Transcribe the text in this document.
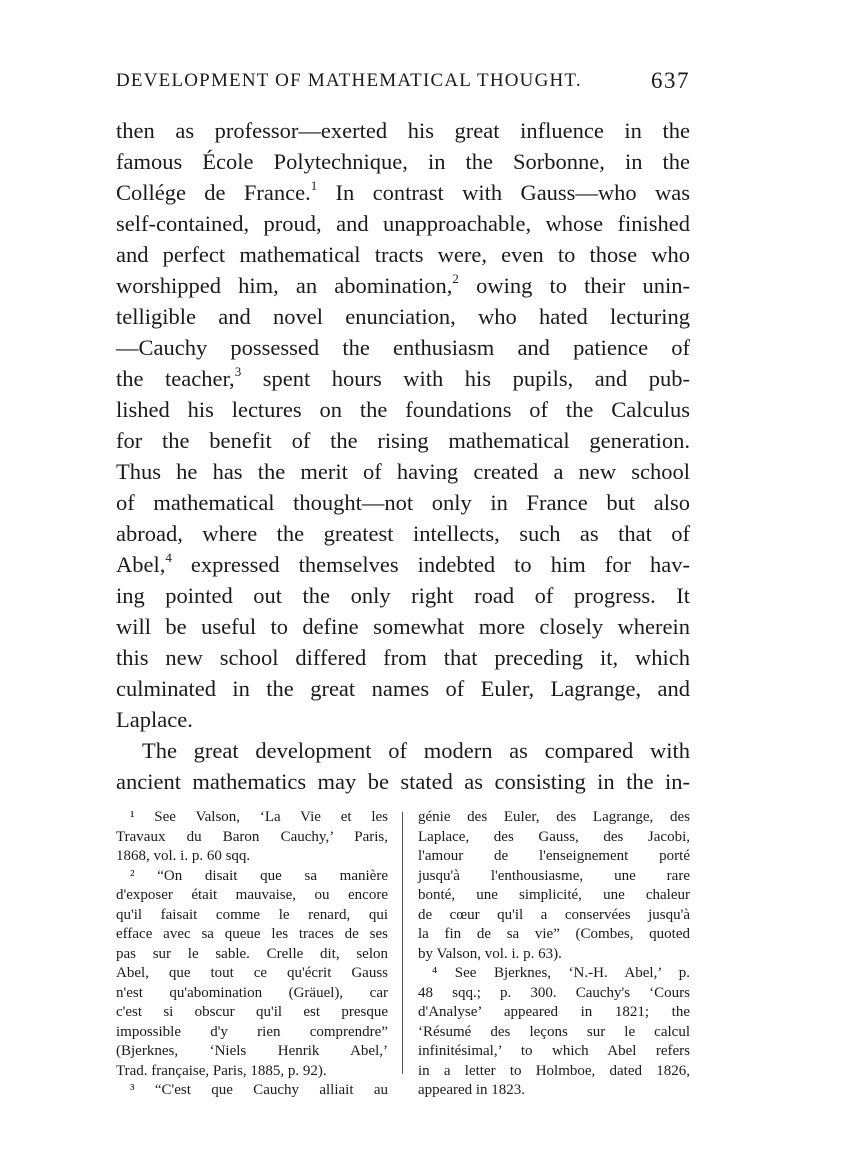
DEVELOPMENT OF MATHEMATICAL THOUGHT.	637
then as professor—exerted his great influence in the
famous École Polytechnique, in the Sorbonne, in the
Collége de France.$^1$ In contrast with Gauss—who was
self-contained, proud, and unapproachable, whose finished
and perfect mathematical tracts were, even to those who
worshipped him, an abomination,$^2$ owing to their unin-
telligible and novel enunciation, who hated lecturing
—Cauchy possessed the enthusiasm and patience of
the teacher,$^3$ spent hours with his pupils, and pub-
lished his lectures on the foundations of the Calculus
for the benefit of the rising mathematical generation.
Thus he has the merit of having created a new school
of mathematical thought—not only in France but also
abroad, where the greatest intellects, such as that of
Abel,$^4$ expressed themselves indebted to him for hav-
ing pointed out the only right road of progress. It
will be useful to define somewhat more closely wherein
this new school differed from that preceding it, which
culminated in the great names of Euler, Lagrange, and
Laplace.
The great development of modern as compared with
ancient mathematics may be stated as consisting in the in-
¹ See Valson, ‘La Vie et les
Travaux du Baron Cauchy,’ Paris,
1868, vol. i. p. 60 sqq.
² “On disait que sa manière
d'exposer était mauvaise, ou encore
qu'il faisait comme le renard, qui
efface avec sa queue les traces de ses
pas sur le sable. Crelle dit, selon
Abel, que tout ce qu'écrit Gauss
n'est qu'abomination (Gräuel), car
c'est si obscur qu'il est presque
impossible d'y rien comprendre”
(Bjerknes, ‘Niels Henrik Abel,’
Trad. française, Paris, 1885, p. 92).
³ “C'est que Cauchy alliait au
génie des Euler, des Lagrange, des
Laplace, des Gauss, des Jacobi,
l'amour de l'enseignement porté
jusqu'à l'enthousiasme, une rare
bonté, une simplicité, une chaleur
de cœur qu'il a conservées jusqu'à
la fin de sa vie” (Combes, quoted
by Valson, vol. i. p. 63).
⁴ See Bjerknes, ‘N.-H. Abel,’ p.
48 sqq.; p. 300. Cauchy's ‘Cours
d'Analyse’ appeared in 1821; the
‘Résumé des leçons sur le calcul
infinitésimal,’ to which Abel refers
in a letter to Holmboe, dated 1826,
appeared in 1823.
